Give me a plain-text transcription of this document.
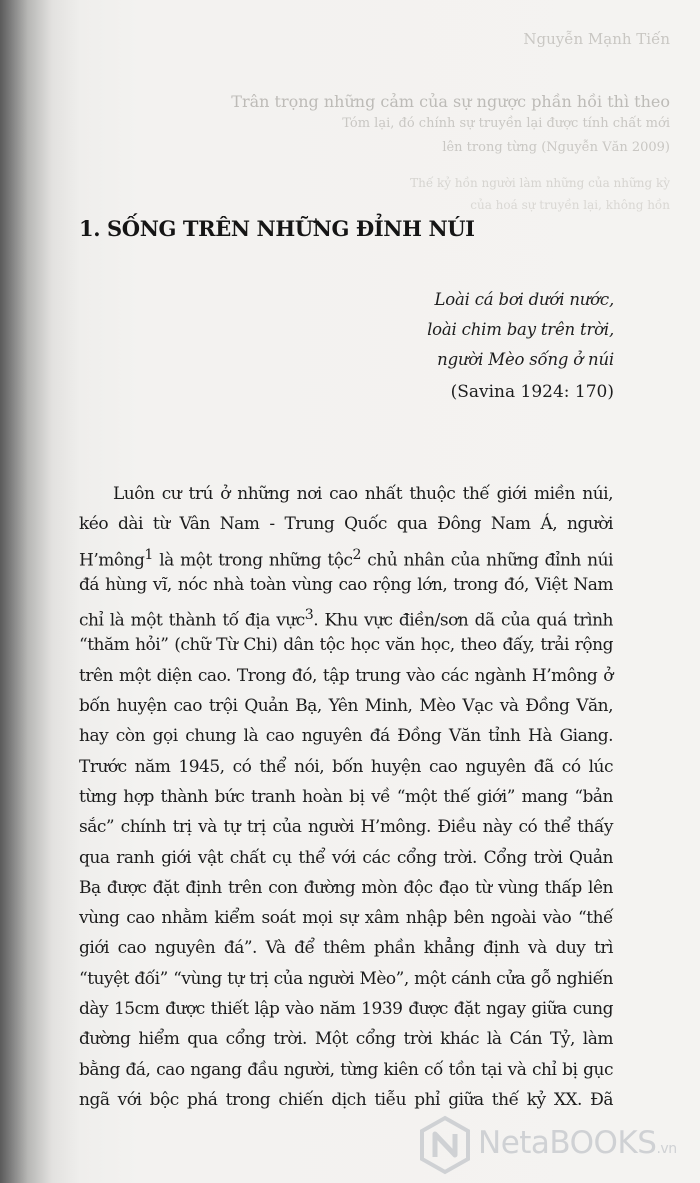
Nguyễn Mạnh Tiến
Trân trọng những cảm của sự ngược phần hồi thì theo
Tóm lại, đó chính sự truyền lại được tính chất mới
lên trong từng (Nguyễn Văn 2009)
Thế kỷ hồn người làm những của những kỳ
của hoá sự truyền lại, không hồn
1. SỐNG TRÊN NHỮNG ĐỈNH NÚI
Loài cá bơi dưới nước,
loài chim bay trên trời,
người Mèo sống ở núi
(Savina 1924: 170)
Luôn cư trú ở những nơi cao nhất thuộc thế giới miền núi,
kéo dài từ Vân Nam - Trung Quốc qua Đông Nam Á, người
H’mông$^1$ là một trong những tộc$^2$ chủ nhân của những đỉnh núi
đá hùng vĩ, nóc nhà toàn vùng cao rộng lớn, trong đó, Việt Nam
chỉ là một thành tố địa vực$^3$. Khu vực điền/sơn dã của quá trình
“thăm hỏi” (chữ Từ Chi) dân tộc học văn học, theo đấy, trải rộng
trên một diện cao. Trong đó, tập trung vào các ngành H’mông ở
bốn huyện cao trội Quản Bạ, Yên Minh, Mèo Vạc và Đồng Văn,
hay còn gọi chung là cao nguyên đá Đồng Văn tỉnh Hà Giang.
Trước năm 1945, có thể nói, bốn huyện cao nguyên đã có lúc
từng hợp thành bức tranh hoàn bị về “một thế giới” mang “bản
sắc” chính trị và tự trị của người H’mông. Điều này có thể thấy
qua ranh giới vật chất cụ thể với các cổng trời. Cổng trời Quản
Bạ được đặt định trên con đường mòn độc đạo từ vùng thấp lên
vùng cao nhằm kiểm soát mọi sự xâm nhập bên ngoài vào “thế
giới cao nguyên đá”. Và để thêm phần khẳng định và duy trì
“tuyệt đối” “vùng tự trị của người Mèo”, một cánh cửa gỗ nghiến
dày 15cm được thiết lập vào năm 1939 được đặt ngay giữa cung
đường hiểm qua cổng trời. Một cổng trời khác là Cán Tỷ, làm
bằng đá, cao ngang đầu người, từng kiên cố tồn tại và chỉ bị gục
ngã với bộc phá trong chiến dịch tiễu phỉ giữa thế kỷ XX. Đã
NetaBOOKS.vn
